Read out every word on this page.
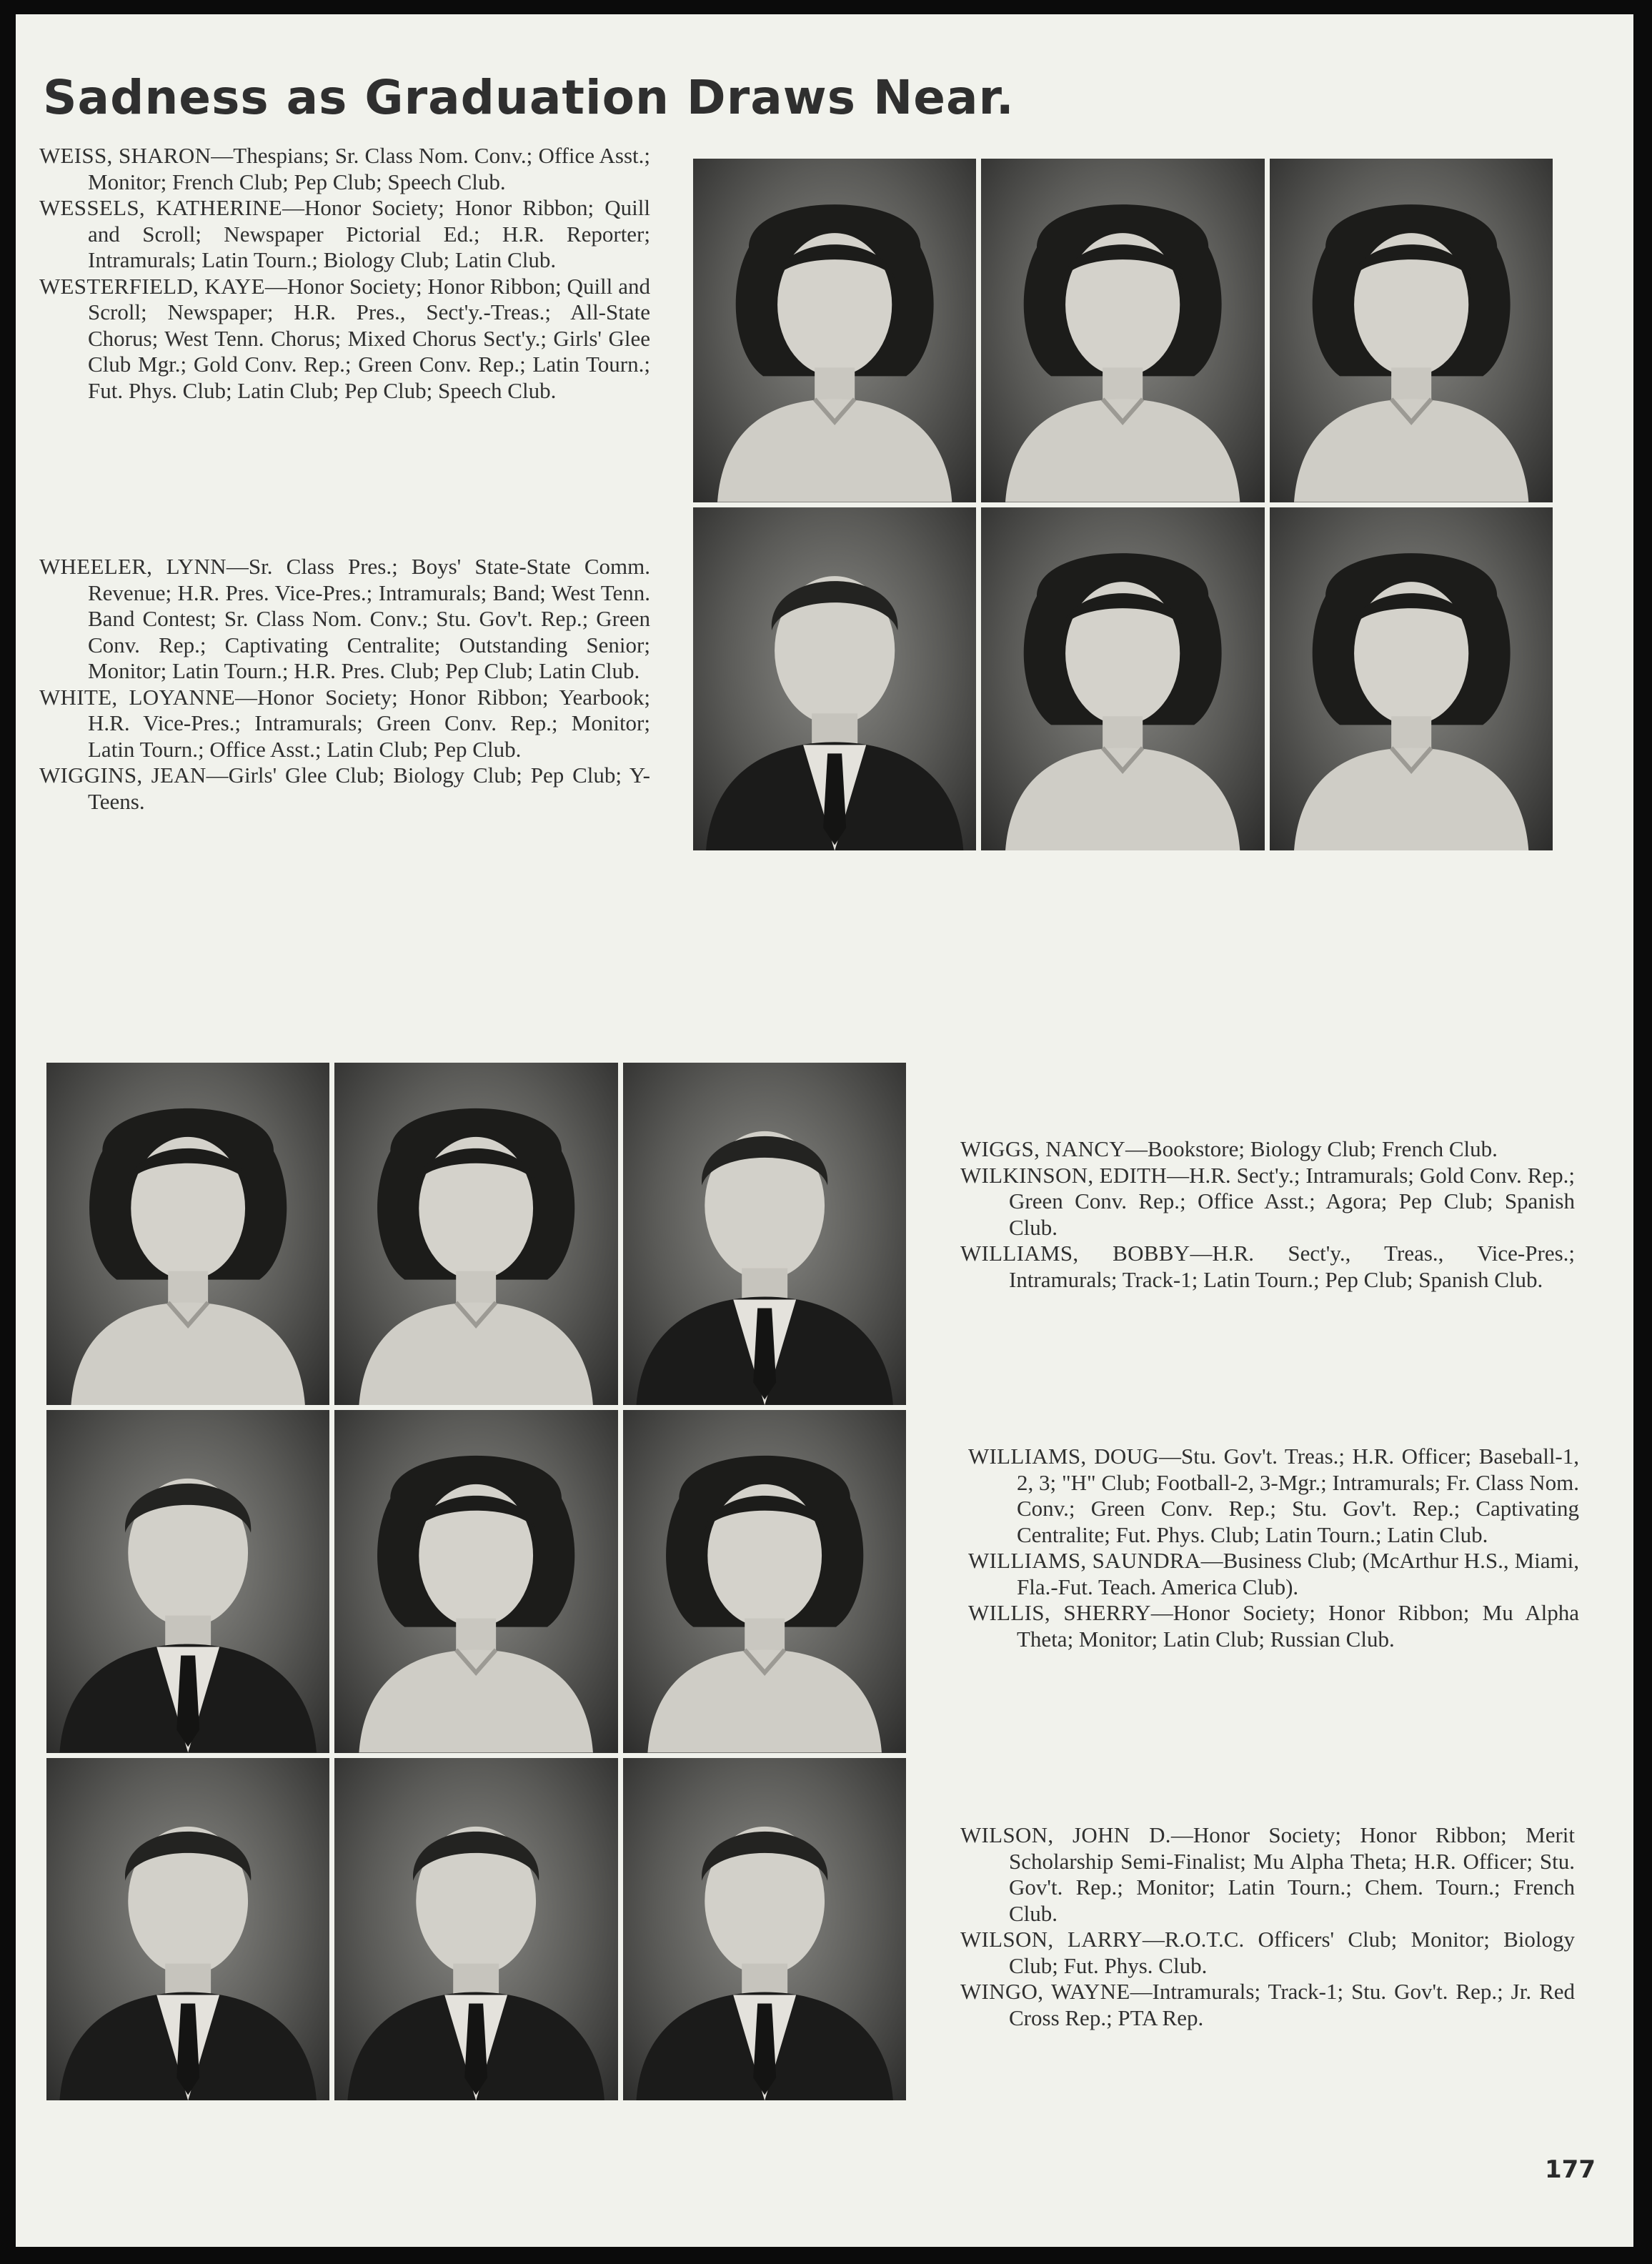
Sadness as Graduation Draws Near.

WEISS, SHARON—Thespians; Sr. Class Nom. Conv.; Office Asst.; Monitor; French Club; Pep Club; Speech Club.

WESSELS, KATHERINE—Honor Society; Honor Ribbon; Quill and Scroll; Newspaper Pictorial Ed.; H.R. Reporter; Intramurals; Latin Tourn.; Biology Club; Latin Club.

WESTERFIELD, KAYE—Honor Society; Honor Ribbon; Quill and Scroll; Newspaper; H.R. Pres., Sect'y.-Treas.; All-State Chorus; West Tenn. Chorus; Mixed Chorus Sect'y.; Girls' Glee Club Mgr.; Gold Conv. Rep.; Green Conv. Rep.; Latin Tourn.; Fut. Phys. Club; Latin Club; Pep Club; Speech Club.

WHEELER, LYNN—Sr. Class Pres.; Boys' State-State Comm. Revenue; H.R. Pres. Vice-Pres.; Intramurals; Band; West Tenn. Band Contest; Sr. Class Nom. Conv.; Stu. Gov't. Rep.; Green Conv. Rep.; Captivating Centralite; Outstanding Senior; Monitor; Latin Tourn.; H.R. Pres. Club; Pep Club; Latin Club.

WHITE, LOYANNE—Honor Society; Honor Ribbon; Yearbook; H.R. Vice-Pres.; Intramurals; Green Conv. Rep.; Monitor; Latin Tourn.; Office Asst.; Latin Club; Pep Club.

WIGGINS, JEAN—Girls' Glee Club; Biology Club; Pep Club; Y-Teens.

WIGGS, NANCY—Bookstore; Biology Club; French Club.

WILKINSON, EDITH—H.R. Sect'y.; Intramurals; Gold Conv. Rep.; Green Conv. Rep.; Office Asst.; Agora; Pep Club; Spanish Club.

WILLIAMS, BOBBY—H.R. Sect'y., Treas., Vice-Pres.; Intramurals; Track-1; Latin Tourn.; Pep Club; Spanish Club.

WILLIAMS, DOUG—Stu. Gov't. Treas.; H.R. Officer; Baseball-1, 2, 3; "H" Club; Football-2, 3-Mgr.; Intramurals; Fr. Class Nom. Conv.; Green Conv. Rep.; Stu. Gov't. Rep.; Captivating Centralite; Fut. Phys. Club; Latin Tourn.; Latin Club.

WILLIAMS, SAUNDRA—Business Club; (McArthur H.S., Miami, Fla.-Fut. Teach. America Club).

WILLIS, SHERRY—Honor Society; Honor Ribbon; Mu Alpha Theta; Monitor; Latin Club; Russian Club.

WILSON, JOHN D.—Honor Society; Honor Ribbon; Merit Scholarship Semi-Finalist; Mu Alpha Theta; H.R. Officer; Stu. Gov't. Rep.; Monitor; Latin Tourn.; Chem. Tourn.; French Club.

WILSON, LARRY—R.O.T.C. Officers' Club; Monitor; Biology Club; Fut. Phys. Club.

WINGO, WAYNE—Intramurals; Track-1; Stu. Gov't. Rep.; Jr. Red Cross Rep.; PTA Rep.

177
